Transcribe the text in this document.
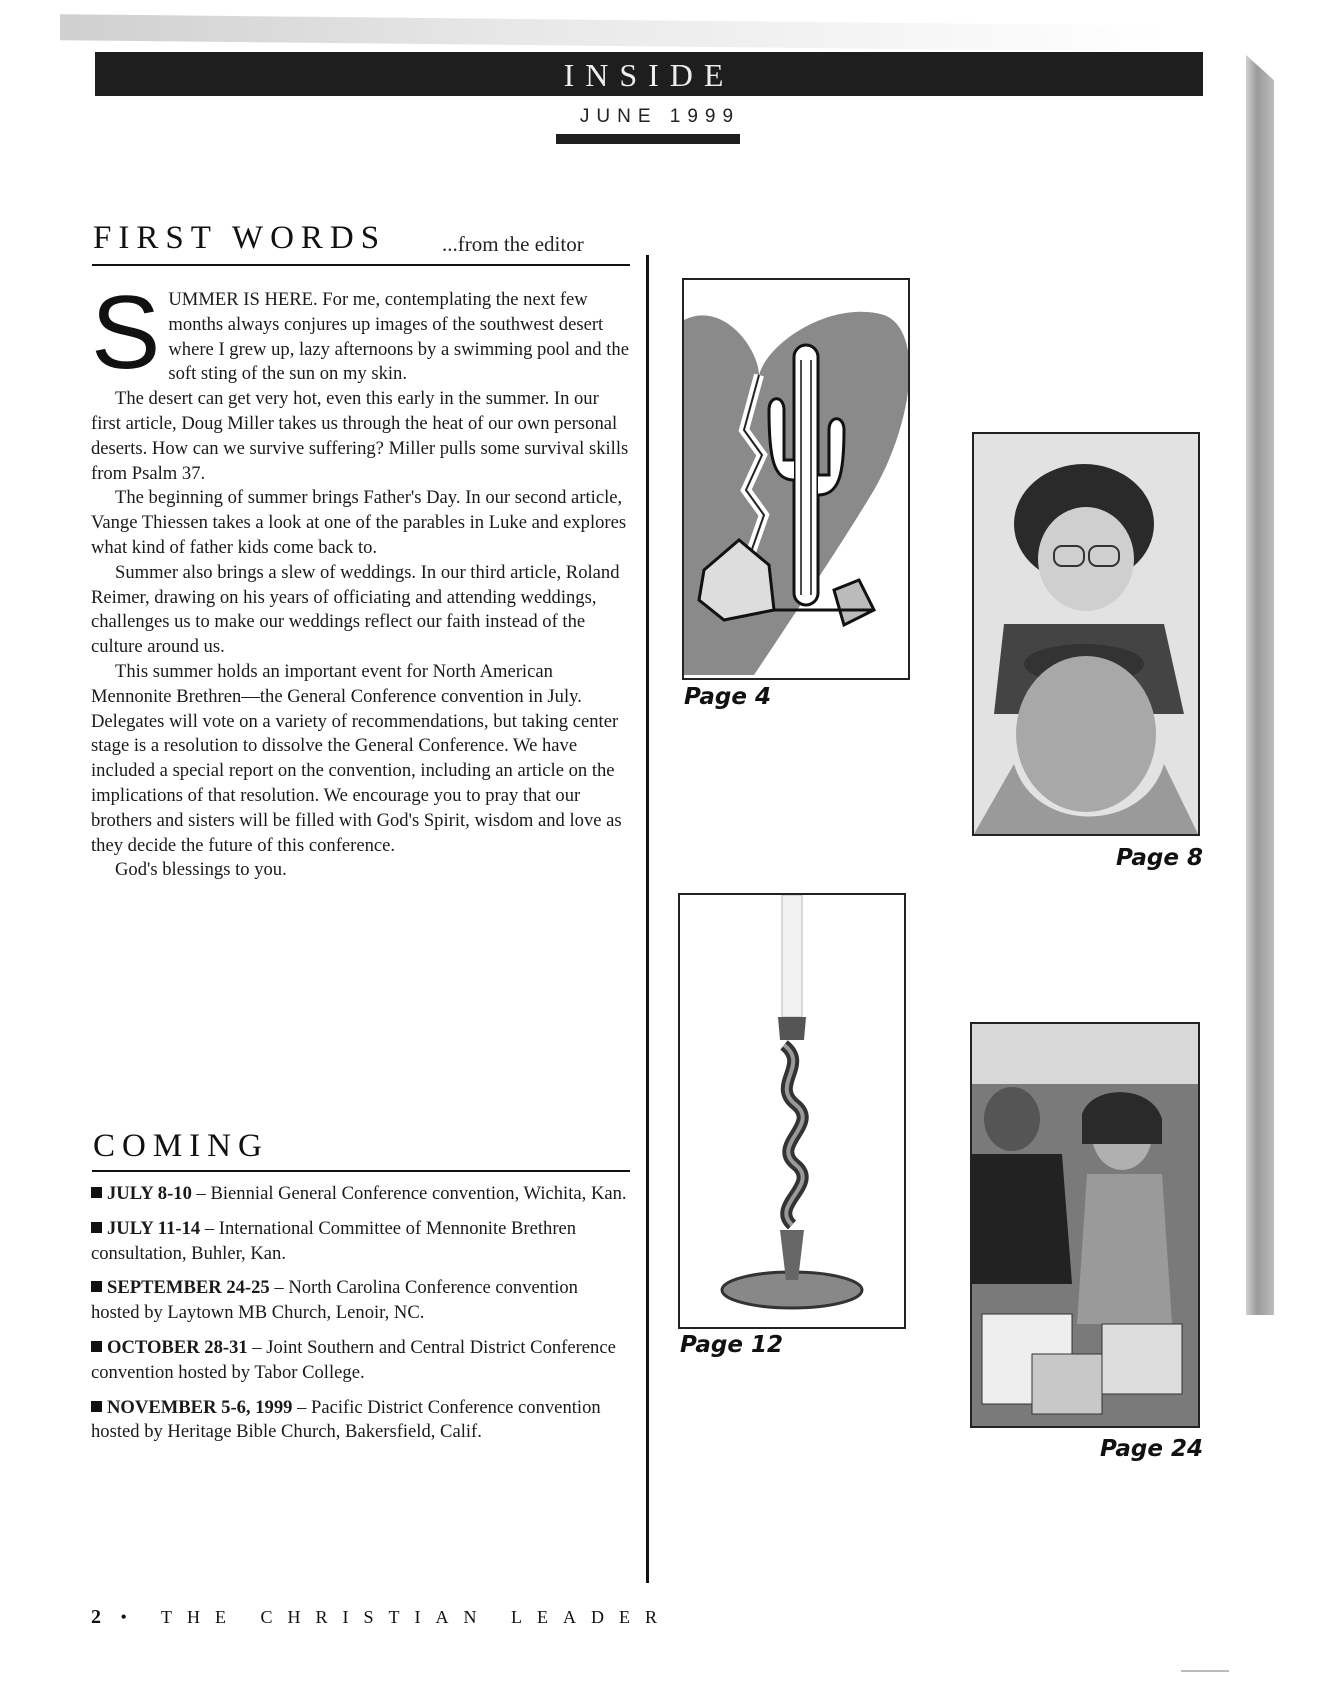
INSIDE
JUNE 1999
FIRST WORDS	...from the editor

SUMMER IS HERE. For me, contemplating the next few months always conjures up images of the southwest desert where I grew up, lazy afternoons by a swimming pool and the soft sting of the sun on my skin.

The desert can get very hot, even this early in the summer. In our first article, Doug Miller takes us through the heat of our own personal deserts. How can we survive suffering? Miller pulls some survival skills from Psalm 37.

The beginning of summer brings Father's Day. In our second article, Vange Thiessen takes a look at one of the parables in Luke and explores what kind of father kids come back to.

Summer also brings a slew of weddings. In our third article, Roland Reimer, drawing on his years of officiating and attending weddings, challenges us to make our weddings reflect our faith instead of the culture around us.

This summer holds an important event for North American Mennonite Brethren—the General Conference convention in July. Delegates will vote on a variety of recommendations, but taking center stage is a resolution to dissolve the General Conference. We have included a special report on the convention, including an article on the implications of that resolution. We encourage you to pray that our brothers and sisters will be filled with God's Spirit, wisdom and love as they decide the future of this conference.

God's blessings to you.

COMING
JULY 8-10 – Biennial General Conference convention, Wichita, Kan.
JULY 11-14 – International Committee of Mennonite Brethren consultation, Buhler, Kan.
SEPTEMBER 24-25 – North Carolina Conference convention hosted by Laytown MB Church, Lenoir, NC.
OCTOBER 28-31 – Joint Southern and Central District Conference convention hosted by Tabor College.
NOVEMBER 5-6, 1999 – Pacific District Conference convention hosted by Heritage Bible Church, Bakersfield, Calif.
Page 4
Page 8
Page 12
Page 24
2 • THE CHRISTIAN LEADER
